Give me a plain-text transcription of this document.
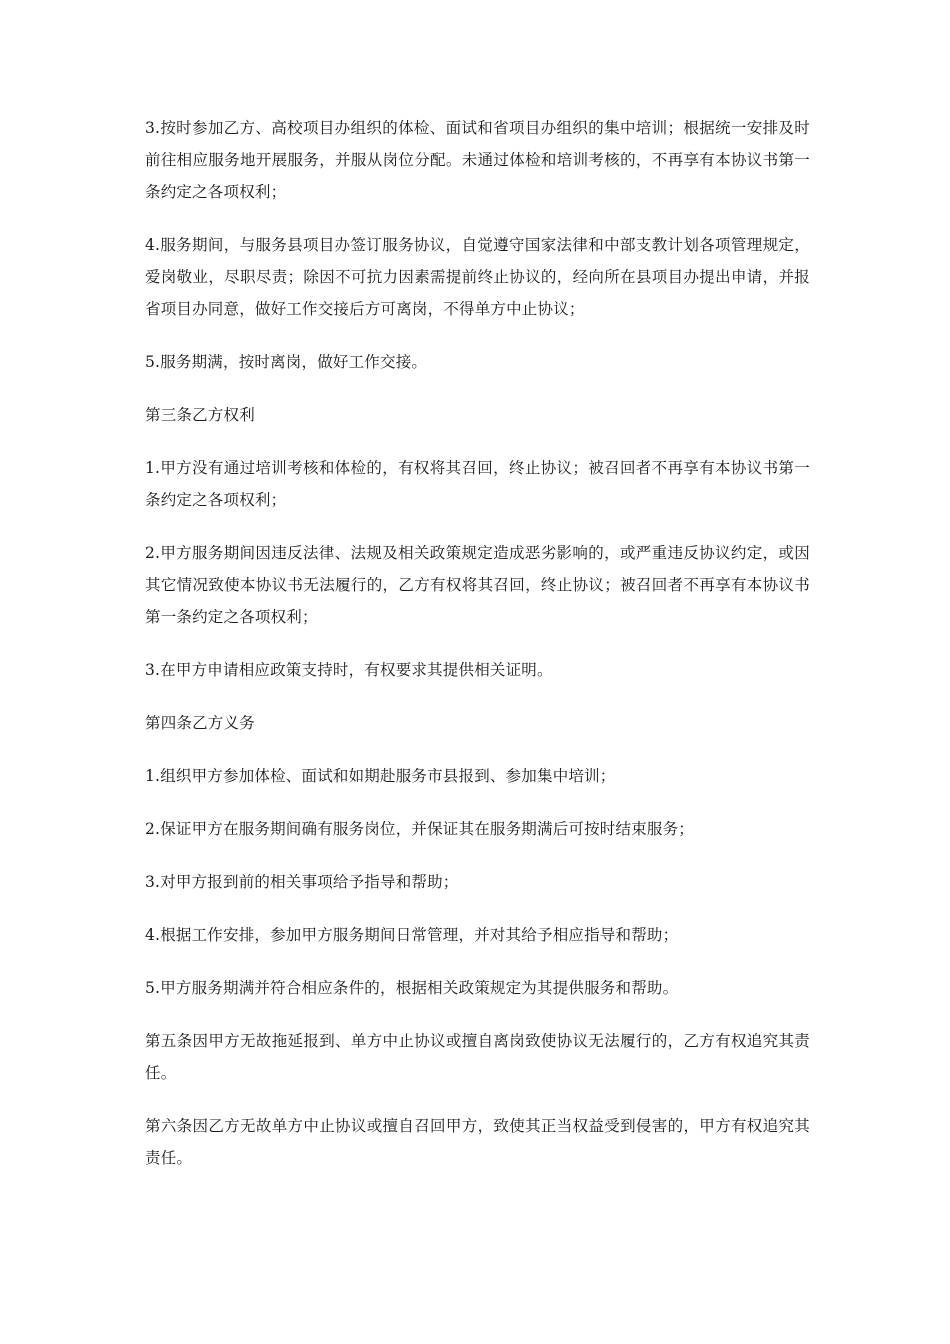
3.按时参加乙方、高校项目办组织的体检、面试和省项目办组织的集中培训；根据统一安排及时前往相应服务地开展服务，并服从岗位分配。未通过体检和培训考核的，不再享有本协议书第一条约定之各项权利；

4.服务期间，与服务县项目办签订服务协议，自觉遵守国家法律和中部支教计划各项管理规定，爱岗敬业，尽职尽责；除因不可抗力因素需提前终止协议的，经向所在县项目办提出申请，并报省项目办同意，做好工作交接后方可离岗，不得单方中止协议；

5.服务期满，按时离岗，做好工作交接。

第三条乙方权利

1.甲方没有通过培训考核和体检的，有权将其召回，终止协议；被召回者不再享有本协议书第一条约定之各项权利；

2.甲方服务期间因违反法律、法规及相关政策规定造成恶劣影响的，或严重违反协议约定，或因其它情况致使本协议书无法履行的，乙方有权将其召回，终止协议；被召回者不再享有本协议书第一条约定之各项权利；

3.在甲方申请相应政策支持时，有权要求其提供相关证明。

第四条乙方义务

1.组织甲方参加体检、面试和如期赴服务市县报到、参加集中培训；

2.保证甲方在服务期间确有服务岗位，并保证其在服务期满后可按时结束服务；

3.对甲方报到前的相关事项给予指导和帮助；

4.根据工作安排，参加甲方服务期间日常管理，并对其给予相应指导和帮助；

5.甲方服务期满并符合相应条件的，根据相关政策规定为其提供服务和帮助。

第五条因甲方无故拖延报到、单方中止协议或擅自离岗致使协议无法履行的，乙方有权追究其责任。

第六条因乙方无故单方中止协议或擅自召回甲方，致使其正当权益受到侵害的，甲方有权追究其责任。
